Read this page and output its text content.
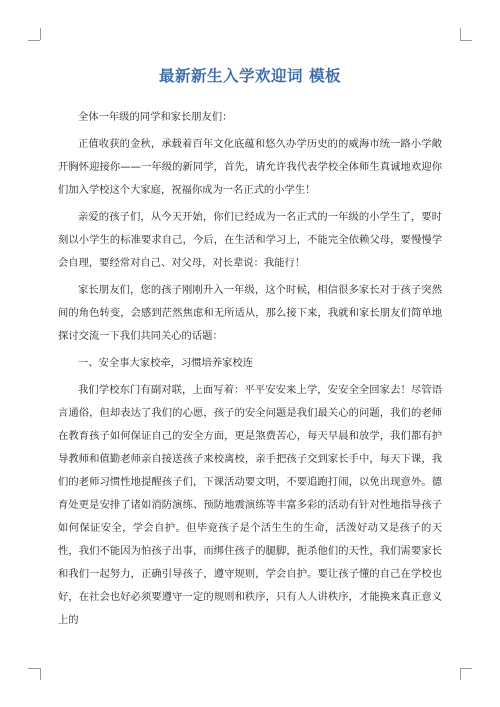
最新新生入学欢迎词 模板

全体一年级的同学和家长朋友们：

正值收获的金秋，承载着百年文化底蕴和悠久办学历史的的威海市统一路小学敞开胸怀迎接你——一年级的新同学，首先，请允许我代表学校全体师生真诚地欢迎你们加入学校这个大家庭，祝福你成为一名正式的小学生！

亲爱的孩子们，从今天开始，你们已经成为一名正式的一年级的小学生了，要时刻以小学生的标准要求自己，今后，在生活和学习上，不能完全依赖父母，要慢慢学会自理，要经常对自己、对父母，对长辈说：我能行！

家长朋友们，您的孩子刚刚升入一年级，这个时候，相信很多家长对于孩子突然间的角色转变，会感到茫然焦虑和无所适从，那么接下来，我就和家长朋友们简单地探讨交流一下我们共同关心的话题：

一、安全事大家校牵，习惯培养家校连

我们学校东门有副对联，上面写着：平平安安来上学，安安全全回家去！尽管语言通俗，但却表达了我们的心愿，孩子的安全问题是我们最关心的问题，我们的老师在教育孩子如何保证自己的安全方面，更是煞费苦心，每天早晨和放学，我们都有护导教师和值勤老师亲自接送孩子来校离校，亲手把孩子交到家长手中，每天下课，我们的老师习惯性地提醒孩子们，下课活动要文明，不要追跑打闹，以免出现意外。德育处更是安排了诸如消防演练、预防地震演练等丰富多彩的活动有针对性地指导孩子如何保证安全，学会自护。但毕竟孩子是个活生生的生命，活泼好动又是孩子的天性，我们不能因为怕孩子出事，而绑住孩子的腿脚，扼杀他们的天性，我们需要家长和我们一起努力，正确引导孩子，遵守规则，学会自护。要让孩子懂的自己在学校也好，在社会也好必须要遵守一定的规则和秩序，只有人人讲秩序，才能换来真正意义上的
